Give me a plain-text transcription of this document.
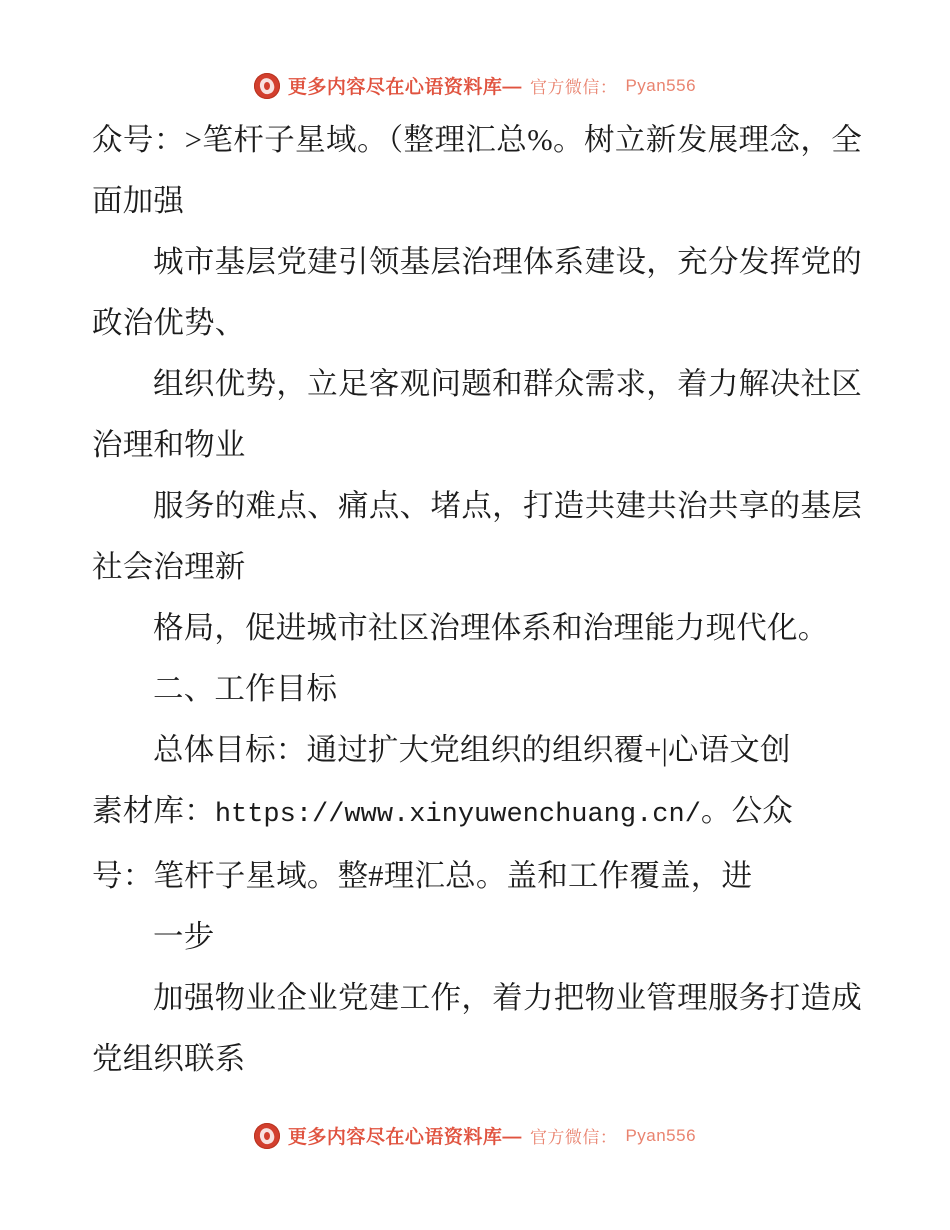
更多内容尽在心语资料库— 官方微信： Pyan556

众号：>笔杆子星域。（整理汇总%。树立新发展理念，全面加强

城市基层党建引领基层治理体系建设，充分发挥党的政治优势、

组织优势，立足客观问题和群众需求，着力解决社区治理和物业

服务的难点、痛点、堵点，打造共建共治共享的基层社会治理新

格局，促进城市社区治理体系和治理能力现代化。

二、工作目标

总体目标：通过扩大党组织的组织覆+|心语文创

素材库：https://www.xinyuwenchuang.cn/。公众

号：笔杆子星域。整#理汇总。盖和工作覆盖，进

一步

加强物业企业党建工作，着力把物业管理服务打造成党组织联系

更多内容尽在心语资料库— 官方微信： Pyan556
